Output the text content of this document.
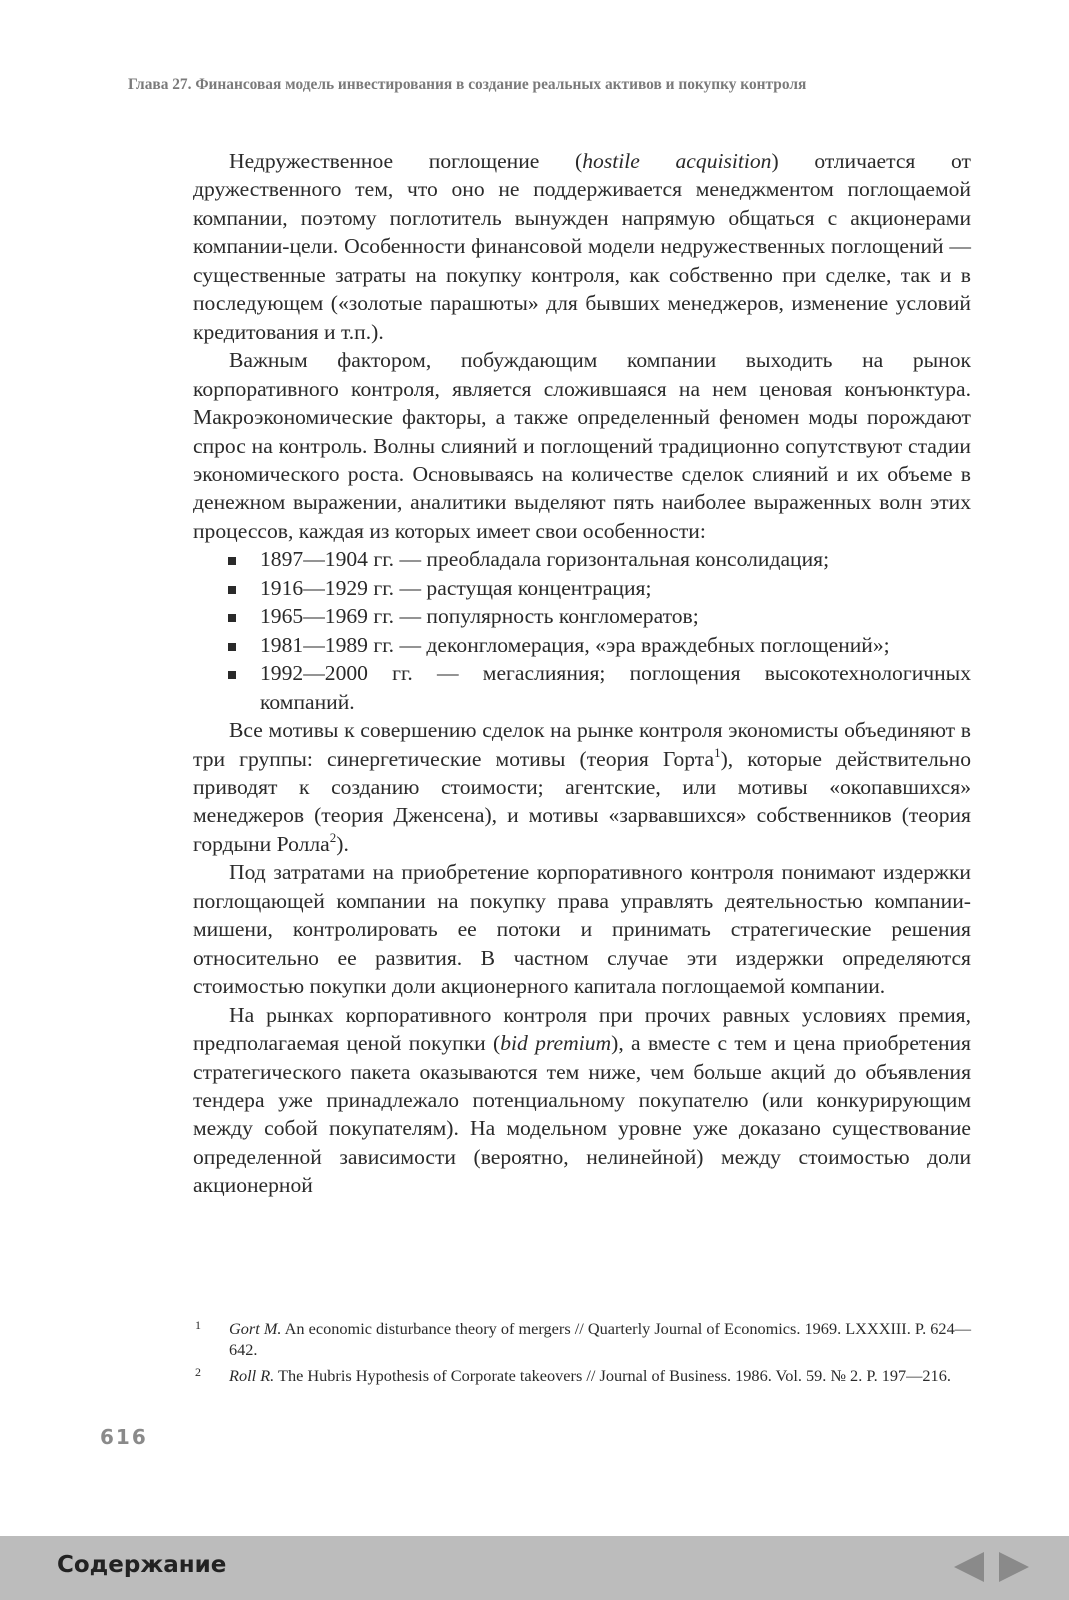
Глава 27. Финансовая модель инвестирования в создание реальных активов и покупку контроля

Недружественное поглощение (hostile acquisition) отличается от дружественного тем, что оно не поддерживается менеджментом поглощаемой компании, поэтому поглотитель вынужден напрямую общаться с акционерами компании-цели. Особенности финансовой модели недружественных поглощений — существенные затраты на покупку контроля, как собственно при сделке, так и в последующем («золотые парашюты» для бывших менеджеров, изменение условий кредитования и т.п.).

Важным фактором, побуждающим компании выходить на рынок корпоративного контроля, является сложившаяся на нем ценовая конъюнктура. Макроэкономические факторы, а также определенный феномен моды порождают спрос на контроль. Волны слияний и поглощений традиционно сопутствуют стадии экономического роста. Основываясь на количестве сделок слияний и их объеме в денежном выражении, аналитики выделяют пять наиболее выраженных волн этих процессов, каждая из которых имеет свои особенности:

1897—1904 гг. — преобладала горизонтальная консолидация;
1916—1929 гг. — растущая концентрация;
1965—1969 гг. — популярность конгломератов;
1981—1989 гг. — деконгломерация, «эра враждебных поглощений»;
1992—2000 гг. — мегаслияния; поглощения высокотехнологичных компаний.

Все мотивы к совершению сделок на рынке контроля экономисты объединяют в три группы: синергетические мотивы (теория Горта$^1$), которые действительно приводят к созданию стоимости; агентские, или мотивы «окопавшихся» менеджеров (теория Дженсена), и мотивы «зарвавшихся» собственников (теория гордыни Ролла$^2$).

Под затратами на приобретение корпоративного контроля понимают издержки поглощающей компании на покупку права управлять деятельностью компании-мишени, контролировать ее потоки и принимать стратегические решения относительно ее развития. В частном случае эти издержки определяются стоимостью покупки доли акционерного капитала поглощаемой компании.

На рынках корпоративного контроля при прочих равных условиях премия, предполагаемая ценой покупки (bid premium), а вместе с тем и цена приобретения стратегического пакета оказываются тем ниже, чем больше акций до объявления тендера уже принадлежало потенциальному покупателю (или конкурирующим между собой покупателям). На модельном уровне уже доказано существование определенной зависимости (вероятно, нелинейной) между стоимостью доли акционерной

1 Gort M. An economic disturbance theory of mergers // Quarterly Journal of Economics. 1969. LXXXIII. P. 624—642.
2 Roll R. The Hubris Hypothesis of Corporate takeovers // Journal of Business. 1986. Vol. 59. № 2. P. 197—216.
616
Содержание
